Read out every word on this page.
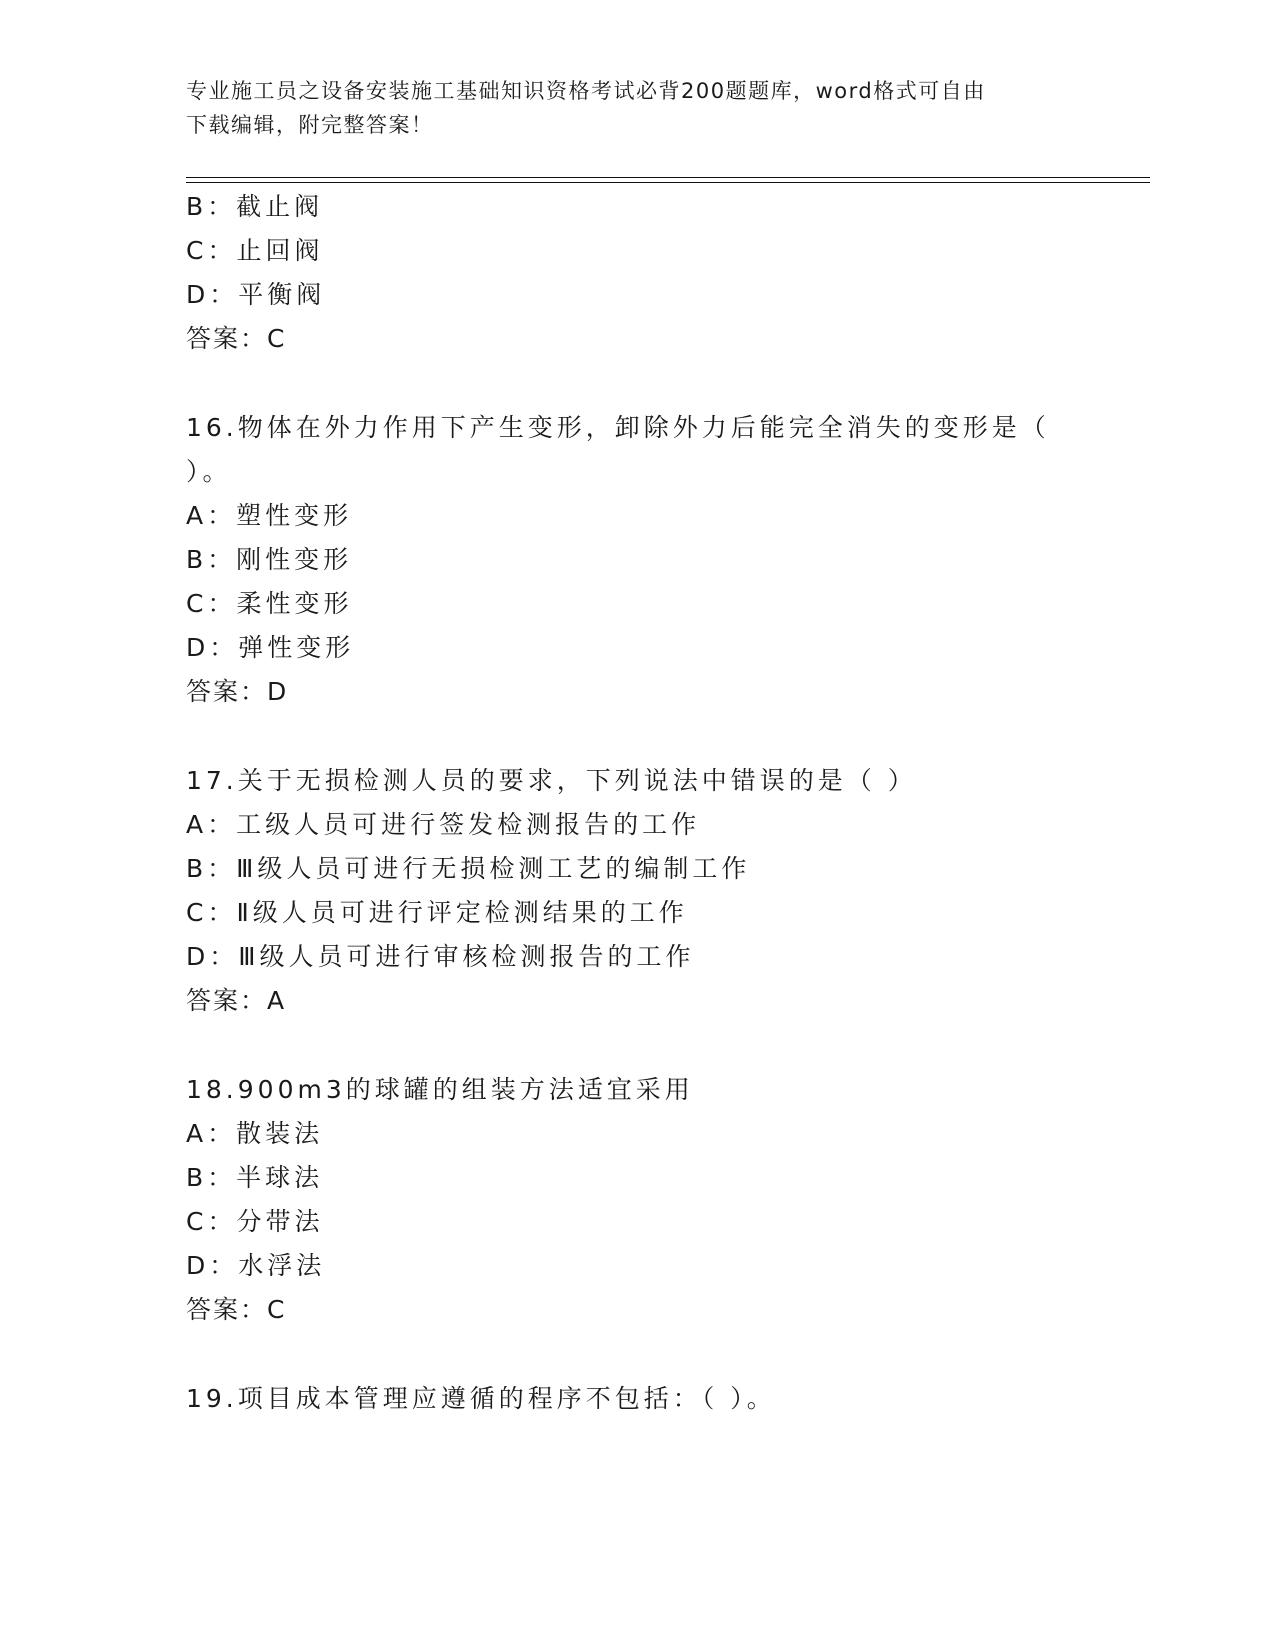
专业施工员之设备安装施工基础知识资格考试必背200题题库，word格式可自由
下载编辑，附完整答案！
B：截止阀
C：止回阀
D：平衡阀
答案：C
16.物体在外力作用下产生变形，卸除外力后能完全消失的变形是（
）。
A：塑性变形
B：刚性变形
C：柔性变形
D：弹性变形
答案：D
17.关于无损检测人员的要求，下列说法中错误的是（ ）
A：工级人员可进行签发检测报告的工作
B：Ⅲ级人员可进行无损检测工艺的编制工作
C：Ⅱ级人员可进行评定检测结果的工作
D：Ⅲ级人员可进行审核检测报告的工作
答案：A
18.900m3的球罐的组装方法适宜采用
A：散装法
B：半球法
C：分带法
D：水浮法
答案：C
19.项目成本管理应遵循的程序不包括：（ ）。
